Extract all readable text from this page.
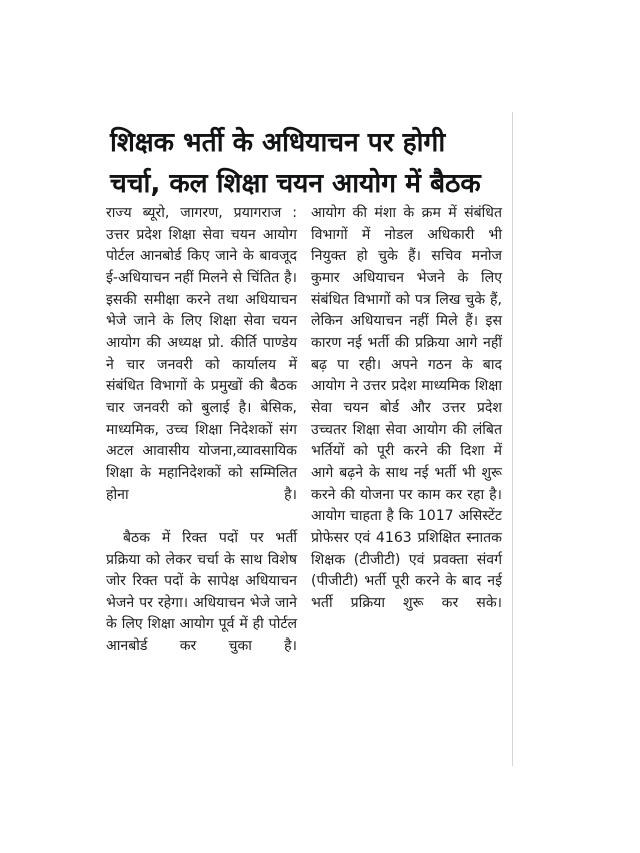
शिक्षक भर्ती के अधियाचन पर होगी
चर्चा, कल शिक्षा चयन आयोग में बैठक

राज्य ब्यूरो, जागरण, प्रयागराज : उत्तर प्रदेश शिक्षा सेवा चयन आयोग पोर्टल आनबोर्ड किए जाने के बावजूद ई-अधियाचन नहीं मिलने से चिंतित है। इसकी समीक्षा करने तथा अधियाचन भेजे जाने के लिए शिक्षा सेवा चयन आयोग की अध्यक्ष प्रो. कीर्ति पाण्डेय ने चार जनवरी को कार्यालय में संबंधित विभागों के प्रमुखों की बैठक चार जनवरी को बुलाई है। बेसिक, माध्यमिक, उच्च शिक्षा निदेशकों संग अटल आवासीय योजना,व्यावसायिक शिक्षा के महानिदेशकों को सम्मिलित होना है।

बैठक में रिक्त पदों पर भर्ती प्रक्रिया को लेकर चर्चा के साथ विशेष जोर रिक्त पदों के सापेक्ष अधियाचन भेजने पर रहेगा। अधियाचन भेजे जाने के लिए शिक्षा आयोग पूर्व में ही पोर्टल आनबोर्ड कर चुका है।

आयोग की मंशा के क्रम में संबंधित विभागों में नोडल अधिकारी भी नियुक्त हो चुके हैं। सचिव मनोज कुमार अधियाचन भेजने के लिए संबंधित विभागों को पत्र लिख चुके हैं, लेकिन अधियाचन नहीं मिले हैं। इस कारण नई भर्ती की प्रक्रिया आगे नहीं बढ़ पा रही। अपने गठन के बाद आयोग ने उत्तर प्रदेश माध्यमिक शिक्षा सेवा चयन बोर्ड और उत्तर प्रदेश उच्चतर शिक्षा सेवा आयोग की लंबित भर्तियों को पूरी करने की दिशा में आगे बढ़ने के साथ नई भर्ती भी शुरू करने की योजना पर काम कर रहा है। आयोग चाहता है कि 1017 असिस्टेंट प्रोफेसर एवं 4163 प्रशिक्षित स्नातक शिक्षक (टीजीटी) एवं प्रवक्ता संवर्ग (पीजीटी) भर्ती पूरी करने के बाद नई भर्ती प्रक्रिया शुरू कर सके।
